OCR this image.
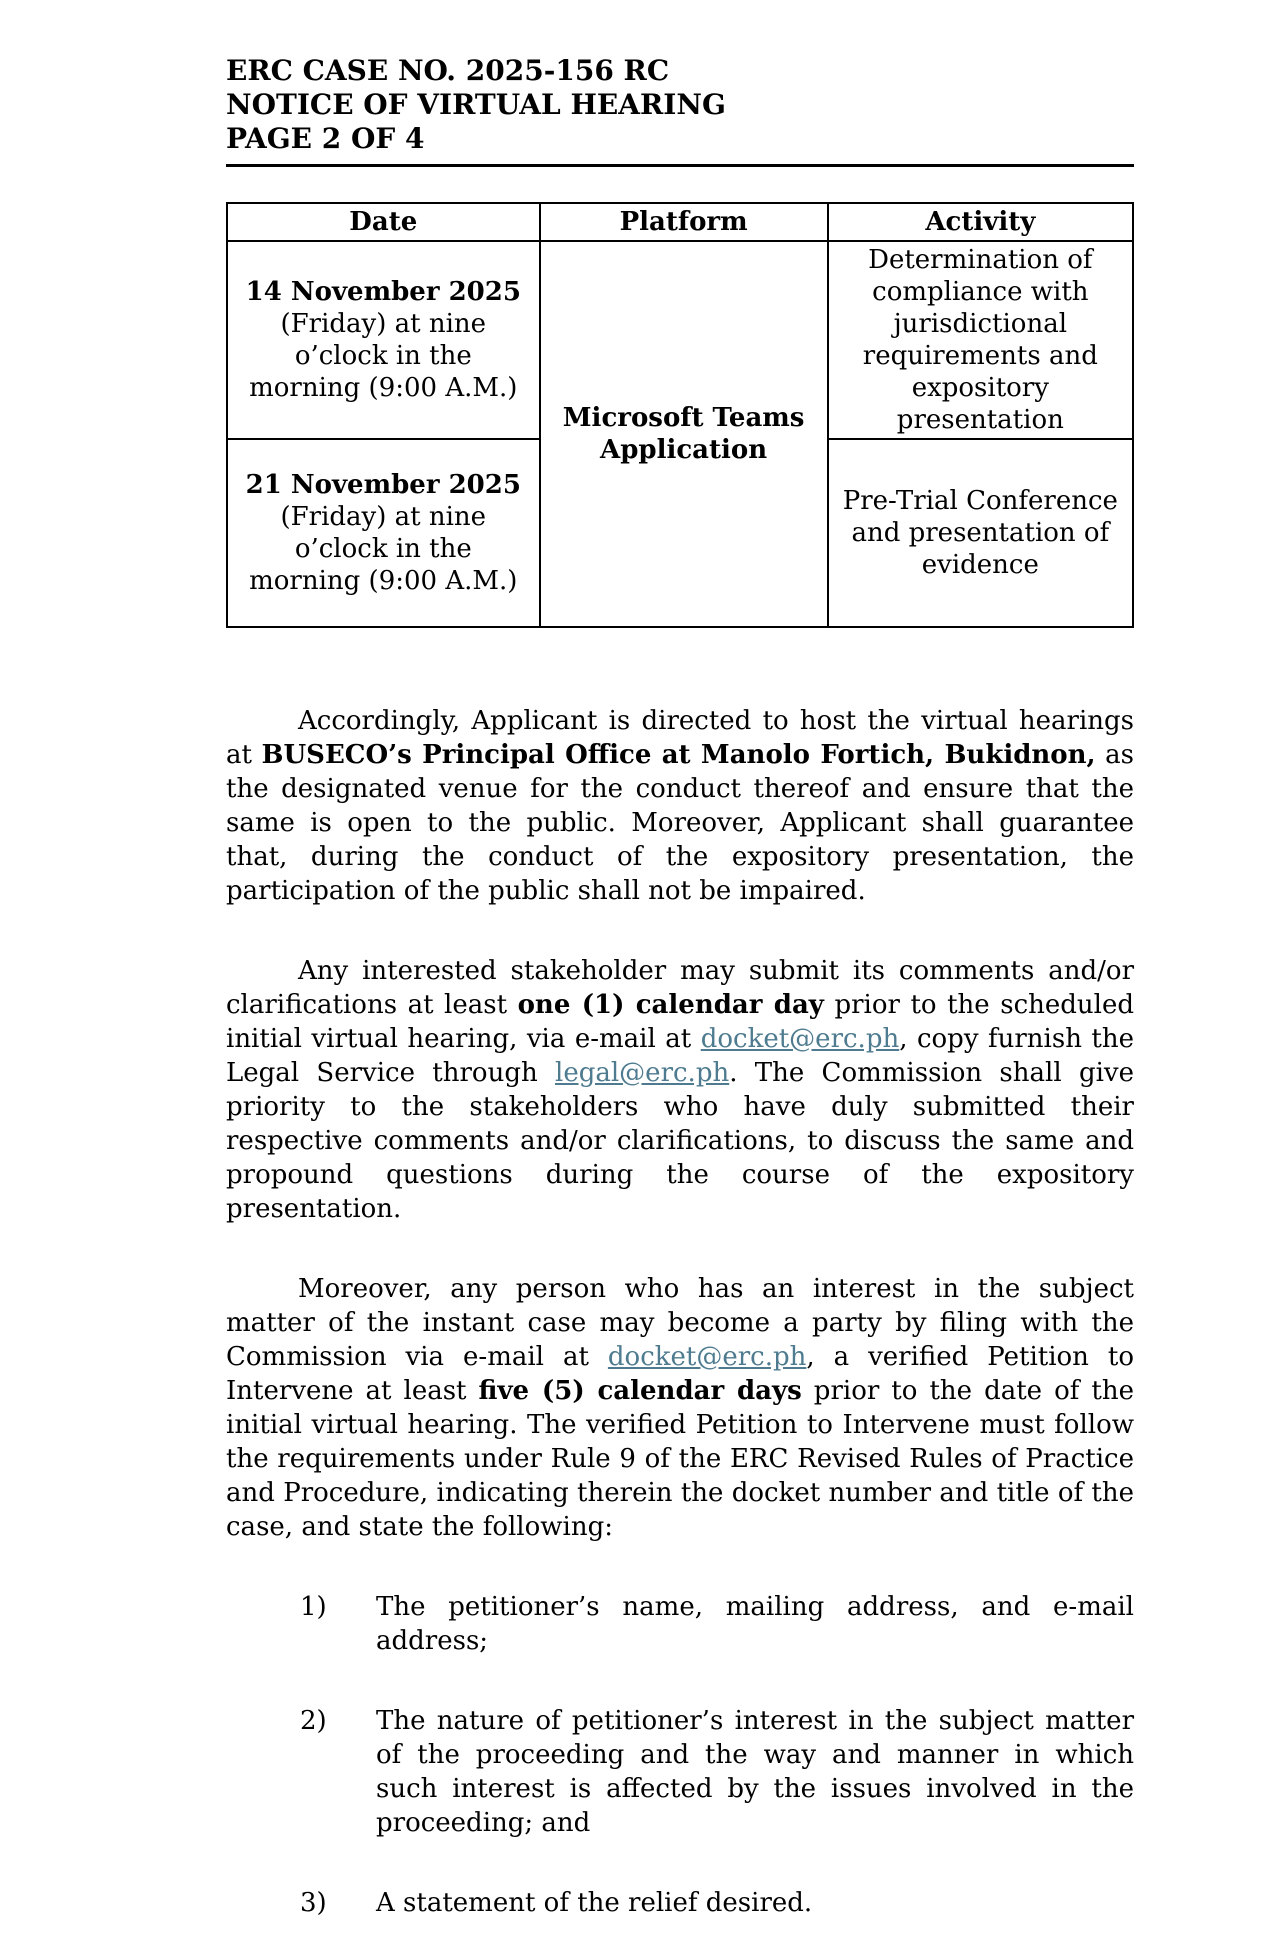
ERC CASE NO. 2025-156 RC
NOTICE OF VIRTUAL HEARING
PAGE 2 OF 4
Date	Platform	Activity

14 November 2025
(Friday) at nine o’clock in the morning (9:00 A.M.)	Microsoft Teams Application	Determination of compliance with jurisdictional requirements and expository presentation

21 November 2025
(Friday) at nine o’clock in the morning (9:00 A.M.)		Pre-Trial Conference and presentation of evidence

Accordingly, Applicant is directed to host the virtual hearings at BUSECO’s Principal Office at Manolo Fortich, Bukidnon, as the designated venue for the conduct thereof and ensure that the same is open to the public. Moreover, Applicant shall guarantee that, during the conduct of the expository presentation, the participation of the public shall not be impaired.

Any interested stakeholder may submit its comments and/or clarifications at least one (1) calendar day prior to the scheduled initial virtual hearing, via e-mail at docket@erc.ph, copy furnish the Legal Service through legal@erc.ph. The Commission shall give priority to the stakeholders who have duly submitted their respective comments and/or clarifications, to discuss the same and propound questions during the course of the expository presentation.

Moreover, any person who has an interest in the subject matter of the instant case may become a party by filing with the Commission via e-mail at docket@erc.ph, a verified Petition to Intervene at least five (5) calendar days prior to the date of the initial virtual hearing. The verified Petition to Intervene must follow the requirements under Rule 9 of the ERC Revised Rules of Practice and Procedure, indicating therein the docket number and title of the case, and state the following:

1)	The petitioner’s name, mailing address, and e-mail address;
2)	The nature of petitioner’s interest in the subject matter of the proceeding and the way and manner in which such interest is affected by the issues involved in the proceeding; and
3)	A statement of the relief desired.
